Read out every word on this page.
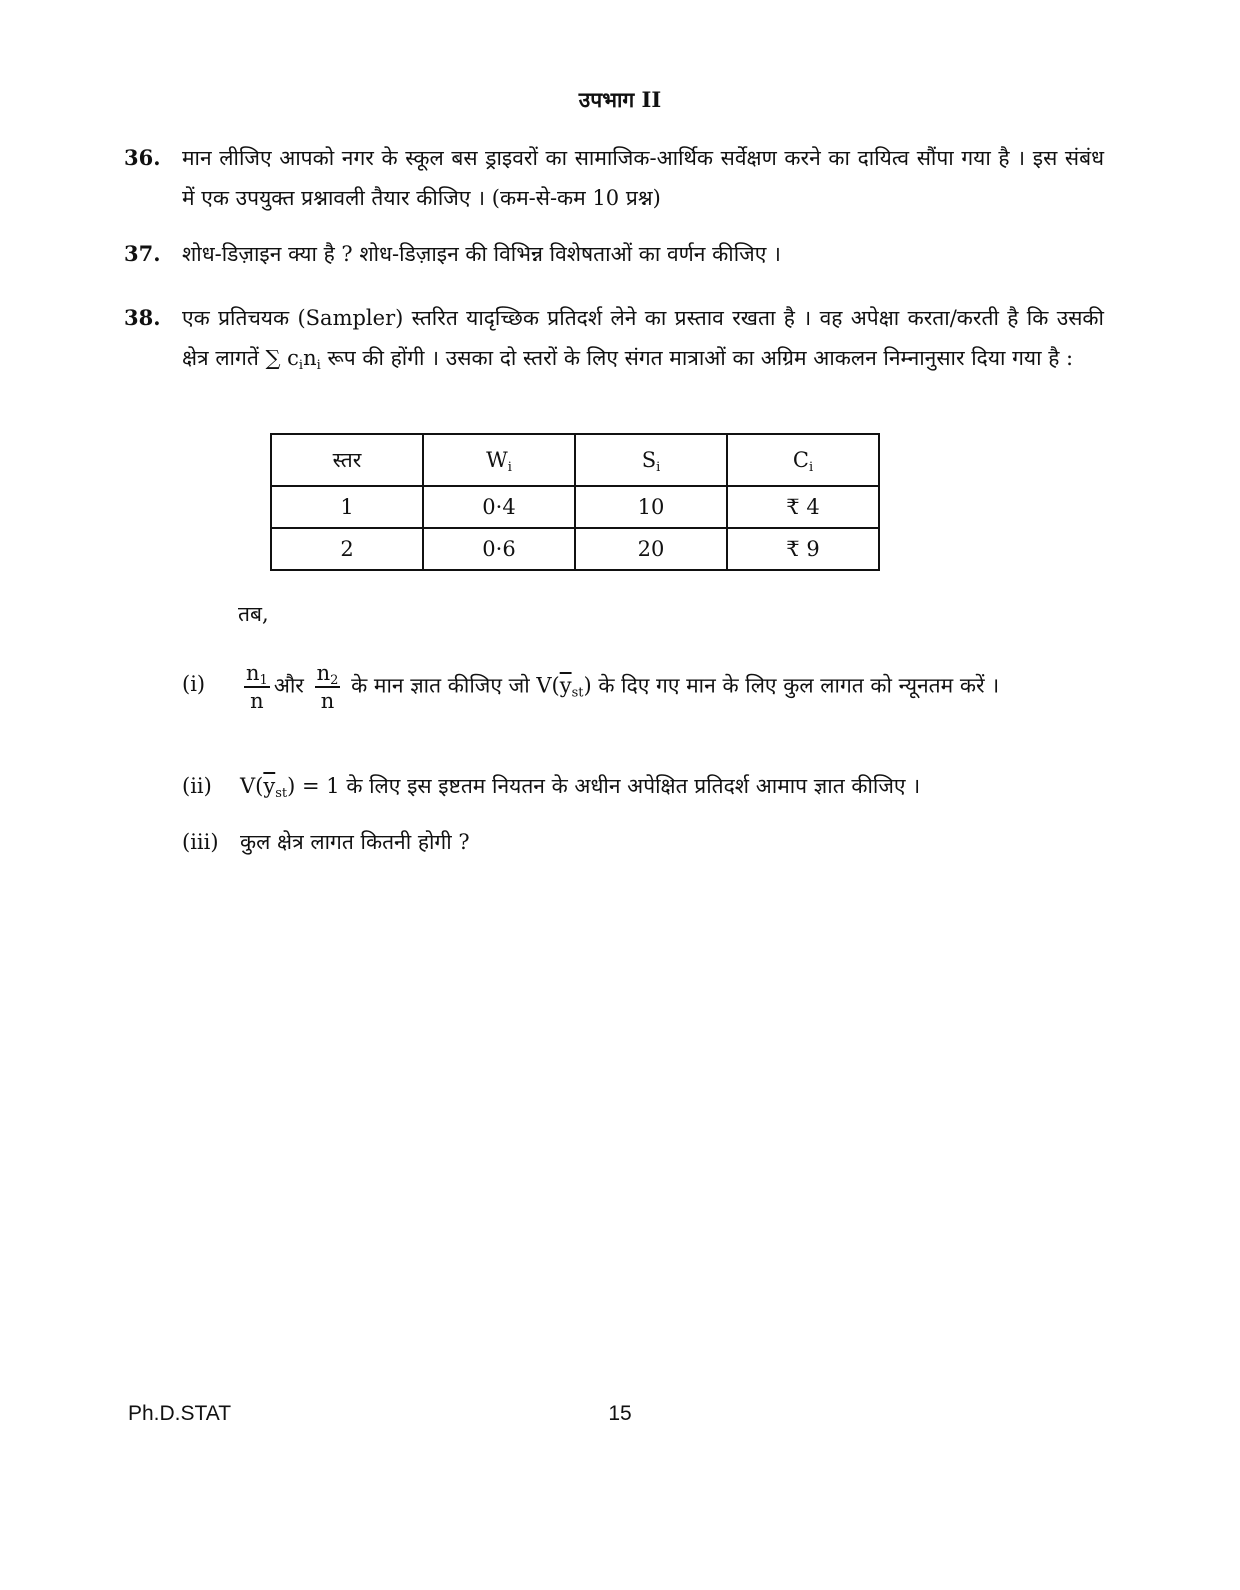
उपभाग II
36.	मान लीजिए आपको नगर के स्कूल बस ड्राइवरों का सामाजिक-आर्थिक सर्वेक्षण करने का दायित्व सौंपा गया है । इस संबंध में एक उपयुक्त प्रश्नावली तैयार कीजिए । (कम-से-कम 10 प्रश्न)
37.	शोध-डिज़ाइन क्या है ? शोध-डिज़ाइन की विभिन्न विशेषताओं का वर्णन कीजिए ।
38.	एक प्रतिचयक (Sampler) स्तरित यादृच्छिक प्रतिदर्श लेने का प्रस्ताव रखता है । वह अपेक्षा करता/करती है कि उसकी क्षेत्र लागतें ∑ $c_in_i$ रूप की होंगी । उसका दो स्तरों के लिए संगत मात्राओं का अग्रिम आकलन निम्नानुसार दिया गया है :
स्तर	$W_i$	$S_i$	$C_i$
1	0·4	10	₹ 4
2	0·6	20	₹ 9
तब,
(i)	$\frac{n_1}{n}$ और $\frac{n_2}{n}$ के मान ज्ञात कीजिए जो $V(\overline{y}_{st})$ के दिए गए मान के लिए कुल लागत को न्यूनतम करें ।
(ii)	$V(\overline{y}_{st}) = 1$ के लिए इस इष्टतम नियतन के अधीन अपेक्षित प्रतिदर्श आमाप ज्ञात कीजिए ।
(iii)	कुल क्षेत्र लागत कितनी होगी ?
Ph.D.STAT	15
